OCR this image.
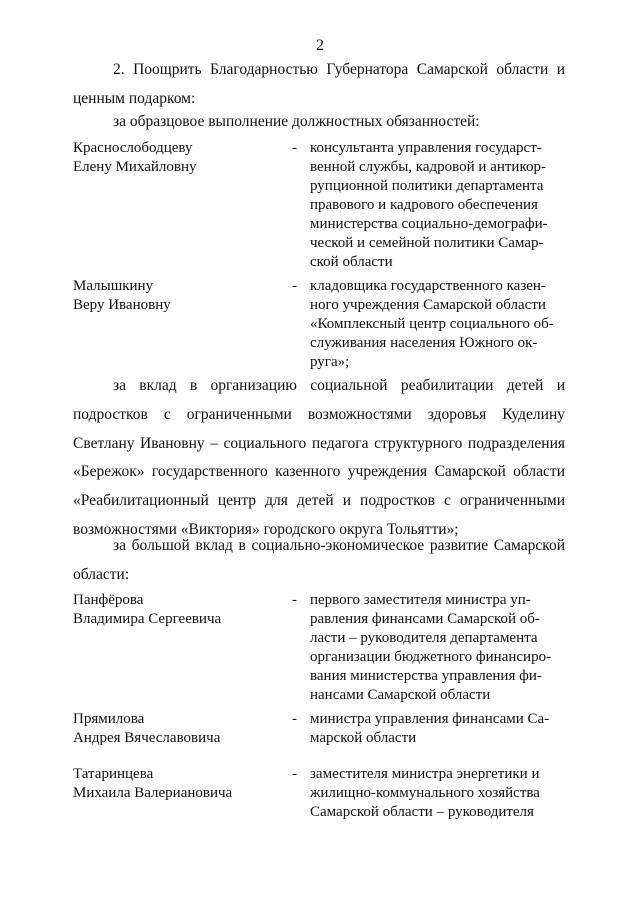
2
2. Поощрить Благодарностью Губернатора Самарской области и ценным подарком:
за образцовое выполнение должностных обязанностей:
Краснослободцеву
Елену Михайловну
- консультанта управления государст-
венной службы, кадровой и антикор-
рупционной политики департамента
правового и кадрового обеспечения
министерства социально-демографи-
ческой и семейной политики Самар-
ской области
Малышкину
Веру Ивановну
- кладовщика государственного казен-
ного учреждения Самарской области
«Комплексный центр социального об-
служивания населения Южного ок-
руга»;
за вклад в организацию социальной реабилитации детей и подростков с ограниченными возможностями здоровья Куделину Светлану Ивановну – социального педагога структурного подразделения «Бережок» государственного казенного учреждения Самарской области «Реабилитационный центр для детей и подростков с ограниченными возможностями «Виктория» городского округа Тольятти»;
за большой вклад в социально-экономическое развитие Самарской области:
Панфёрова
Владимира Сергеевича
- первого заместителя министра уп-
равления финансами Самарской об-
ласти – руководителя департамента
организации бюджетного финансиро-
вания министерства управления фи-
нансами Самарской области
Прямилова
Андрея Вячеславовича
- министра управления финансами Са-
марской области
Татаринцева
Михаила Валериановича
- заместителя министра энергетики и
жилищно-коммунального хозяйства
Самарской области – руководителя
